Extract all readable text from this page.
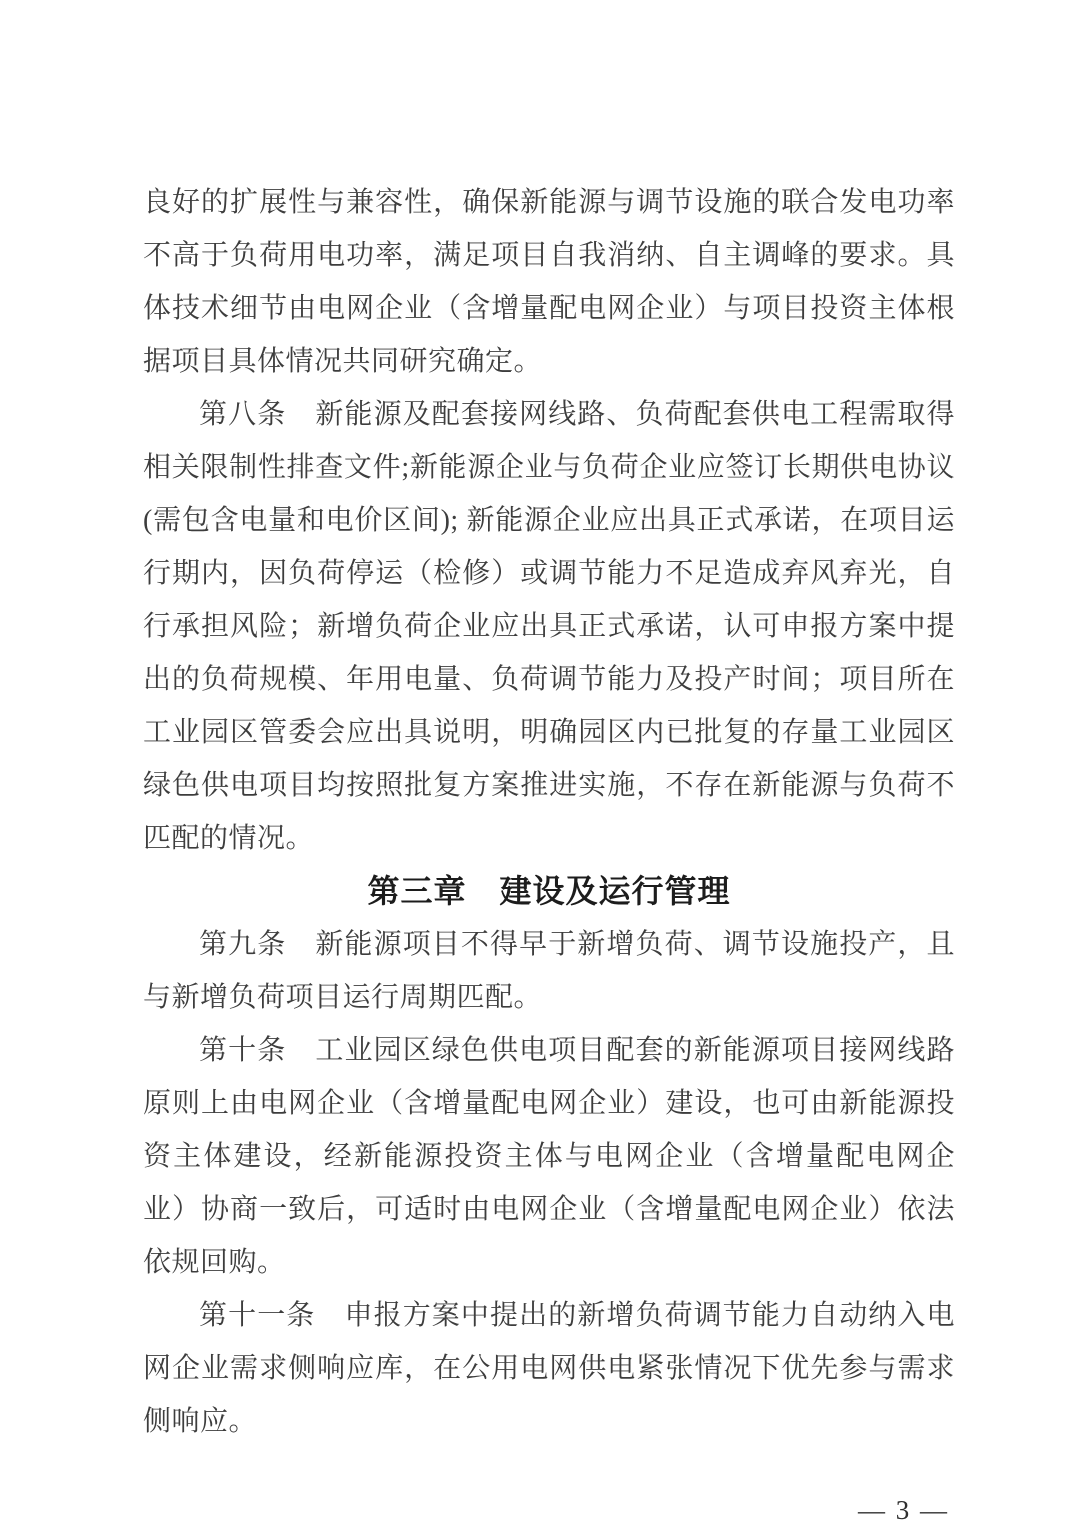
良好的扩展性与兼容性，确保新能源与调节设施的联合发电功率不高于负荷用电功率，满足项目自我消纳、自主调峰的要求。具体技术细节由电网企业（含增量配电网企业）与项目投资主体根据项目具体情况共同研究确定。

第八条　新能源及配套接网线路、负荷配套供电工程需取得相关限制性排查文件;新能源企业与负荷企业应签订长期供电协议(需包含电量和电价区间); 新能源企业应出具正式承诺，在项目运行期内，因负荷停运（检修）或调节能力不足造成弃风弃光，自行承担风险；新增负荷企业应出具正式承诺，认可申报方案中提出的负荷规模、年用电量、负荷调节能力及投产时间；项目所在工业园区管委会应出具说明，明确园区内已批复的存量工业园区绿色供电项目均按照批复方案推进实施，不存在新能源与负荷不匹配的情况。

第三章　建设及运行管理

第九条　新能源项目不得早于新增负荷、调节设施投产，且与新增负荷项目运行周期匹配。

第十条　工业园区绿色供电项目配套的新能源项目接网线路原则上由电网企业（含增量配电网企业）建设，也可由新能源投资主体建设，经新能源投资主体与电网企业（含增量配电网企业）协商一致后，可适时由电网企业（含增量配电网企业）依法依规回购。

第十一条　申报方案中提出的新增负荷调节能力自动纳入电网企业需求侧响应库，在公用电网供电紧张情况下优先参与需求侧响应。

— 3 —
